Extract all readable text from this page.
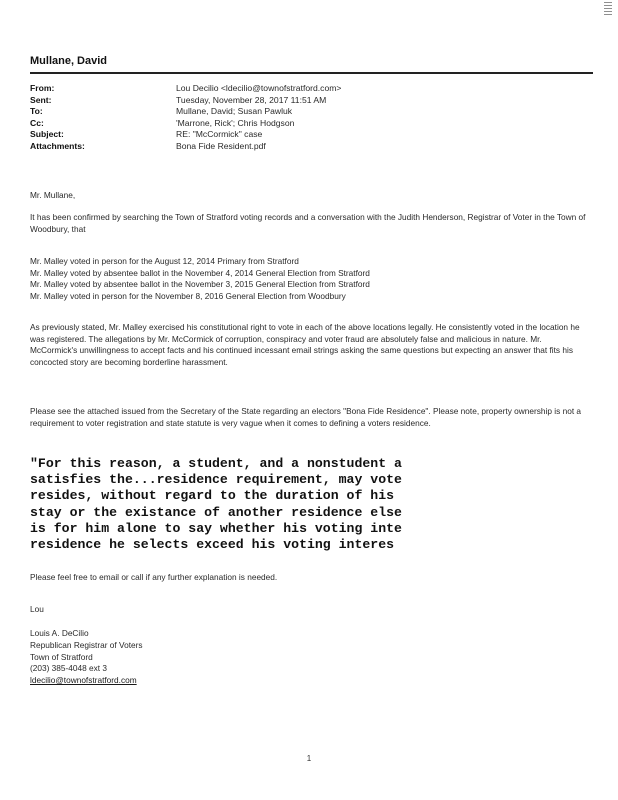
Mullane, David
From:	Lou Decilio <ldecilio@townofstratford.com>
Sent:	Tuesday, November 28, 2017 11:51 AM
To:	Mullane, David; Susan Pawluk
Cc:	'Marrone, Rick'; Chris Hodgson
Subject:	RE: "McCormick" case
Attachments:	Bona Fide Resident.pdf

Mr. Mullane,

It has been confirmed by searching the Town of Stratford voting records and a conversation with the Judith Henderson, Registrar of Voter in the Town of Woodbury, that

Mr. Malley voted in person for the August 12, 2014 Primary from Stratford
Mr. Malley voted by absentee ballot in the November 4, 2014 General Election from Stratford
Mr. Malley voted by absentee ballot in the November 3, 2015 General Election from Stratford
Mr. Malley voted in person for the November 8, 2016 General Election from Woodbury

As previously stated, Mr. Malley exercised his constitutional right to vote in each of the above locations legally. He consistently voted in the location he was registered. The allegations by Mr. McCormick of corruption, conspiracy and voter fraud are absolutely false and malicious in nature. Mr. McCormick's unwillingness to accept facts and his continued incessant email strings asking the same questions but expecting an answer that fits his concocted story are becoming borderline harassment.

Please see the attached issued from the Secretary of the State regarding an electors "Bona Fide Residence". Please note, property ownership is not a requirement to voter registration and state statute is very vague when it comes to defining a voters residence.

"For this reason, a student, and a nonstudent a
satisfies the...residence requirement, may vote
resides, without regard to the duration of his
stay or the existance of another residence else
is for him alone to say whether his voting inte
residence he selects exceed his voting interes

Please feel free to email or call if any further explanation is needed.

Lou

Louis A. DeCilio
Republican Registrar of Voters
Town of Stratford
(203) 385-4048 ext 3
ldecilio@townofstratford.com

1
